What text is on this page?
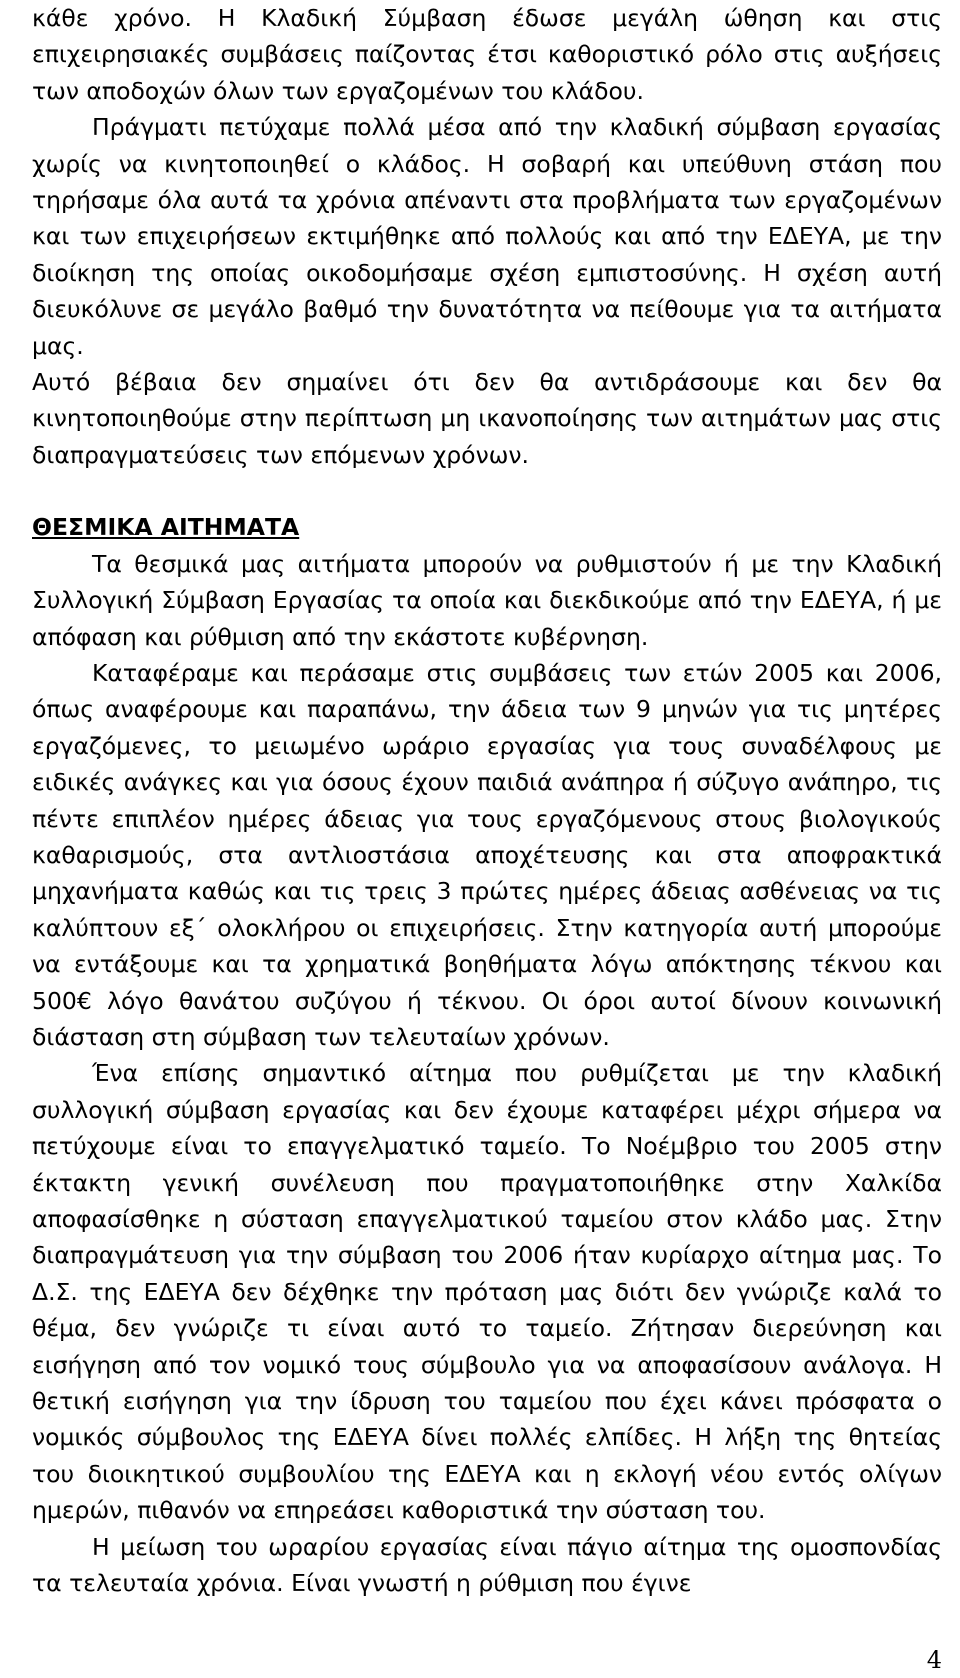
κάθε χρόνο. Η Κλαδική Σύμβαση έδωσε μεγάλη ώθηση και στις επιχειρησιακές συμβάσεις παίζοντας έτσι καθοριστικό ρόλο στις αυξήσεις των αποδοχών όλων των εργαζομένων του κλάδου.

Πράγματι πετύχαμε πολλά μέσα από την κλαδική σύμβαση εργασίας χωρίς να κινητοποιηθεί ο κλάδος. Η σοβαρή και υπεύθυνη στάση που τηρήσαμε όλα αυτά τα χρόνια απέναντι στα προβλήματα των εργαζομένων και των επιχειρήσεων εκτιμήθηκε από πολλούς και από την ΕΔΕΥΑ, με την διοίκηση της οποίας οικοδομήσαμε σχέση εμπιστοσύνης. Η σχέση αυτή διευκόλυνε σε μεγάλο βαθμό την δυνατότητα να πείθουμε για τα αιτήματα μας.

Αυτό βέβαια δεν σημαίνει ότι δεν θα αντιδράσουμε και δεν θα κινητοποιηθούμε στην περίπτωση μη ικανοποίησης των αιτημάτων μας στις διαπραγματεύσεις των επόμενων χρόνων.

ΘΕΣΜΙΚΑ ΑΙΤΗΜΑΤΑ

Τα θεσμικά μας αιτήματα μπορούν να ρυθμιστούν ή με την Κλαδική Συλλογική Σύμβαση Εργασίας τα οποία και διεκδικούμε από την ΕΔΕΥΑ, ή με απόφαση και ρύθμιση από την εκάστοτε κυβέρνηση.

Καταφέραμε και περάσαμε στις συμβάσεις των ετών 2005 και 2006, όπως αναφέρουμε και παραπάνω, την άδεια των 9 μηνών για τις μητέρες εργαζόμενες, το μειωμένο ωράριο εργασίας για τους συναδέλφους με ειδικές ανάγκες και για όσους έχουν παιδιά ανάπηρα ή σύζυγο ανάπηρο, τις πέντε επιπλέον ημέρες άδειας για τους εργαζόμενους στους βιολογικούς καθαρισμούς, στα αντλιοστάσια αποχέτευσης και στα αποφρακτικά μηχανήματα καθώς και τις τρεις 3 πρώτες ημέρες άδειας ασθένειας να τις καλύπτουν εξ΄ ολοκλήρου οι επιχειρήσεις. Στην κατηγορία αυτή μπορούμε να εντάξουμε και τα χρηματικά βοηθήματα λόγω απόκτησης τέκνου και 500€ λόγο θανάτου συζύγου ή τέκνου. Οι όροι αυτοί δίνουν κοινωνική διάσταση στη σύμβαση των τελευταίων χρόνων.

Ένα επίσης σημαντικό αίτημα που ρυθμίζεται με την κλαδική συλλογική σύμβαση εργασίας και δεν έχουμε καταφέρει μέχρι σήμερα να πετύχουμε είναι το επαγγελματικό ταμείο. Το Νοέμβριο του 2005 στην έκτακτη γενική συνέλευση που πραγματοποιήθηκε στην Χαλκίδα αποφασίσθηκε η σύσταση επαγγελματικού ταμείου στον κλάδο μας. Στην διαπραγμάτευση για την σύμβαση του 2006 ήταν κυρίαρχο αίτημα μας. Το Δ.Σ. της ΕΔΕΥΑ δεν δέχθηκε την πρόταση μας διότι δεν γνώριζε καλά το θέμα, δεν γνώριζε τι είναι αυτό το ταμείο. Ζήτησαν διερεύνηση και εισήγηση από τον νομικό τους σύμβουλο για να αποφασίσουν ανάλογα. Η θετική εισήγηση για την ίδρυση του ταμείου που έχει κάνει πρόσφατα ο νομικός σύμβουλος της ΕΔΕΥΑ δίνει πολλές ελπίδες. Η λήξη της θητείας του διοικητικού συμβουλίου της ΕΔΕΥΑ και η εκλογή νέου εντός ολίγων ημερών, πιθανόν να επηρεάσει καθοριστικά την σύσταση του.

Η μείωση του ωραρίου εργασίας είναι πάγιο αίτημα της ομοσπονδίας τα τελευταία χρόνια. Είναι γνωστή η ρύθμιση που έγινε

4
